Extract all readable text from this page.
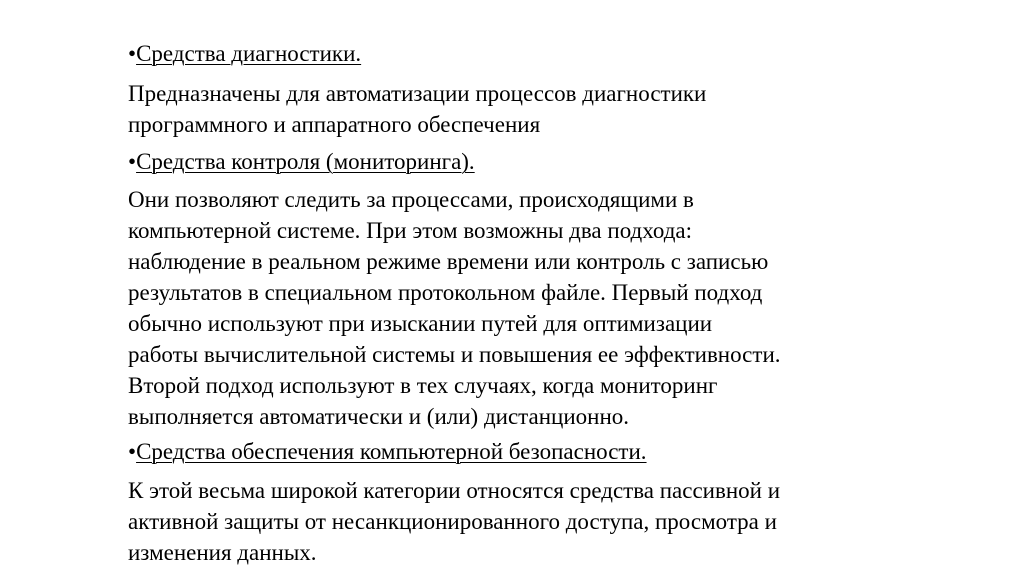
•Средства диагностики.
Предназначены для автоматизации процессов диагностики
программного и аппаратного обеспечения
•Средства контроля (мониторинга).
Они позволяют следить за процессами, происходящими в
компьютерной системе. При этом возможны два подхода:
наблюдение в реальном режиме времени или контроль с записью
результатов в специальном протокольном файле. Первый подход
обычно используют при изыскании путей для оптимизации
работы вычислительной системы и повышения ее эффективности.
Второй подход используют в тех случаях, когда мониторинг
выполняется автоматически и (или) дистанционно.
•Средства обеспечения компьютерной безопасности.
К этой весьма широкой категории относятся средства пассивной и
активной защиты от несанкционированного доступа, просмотра и
изменения данных.
